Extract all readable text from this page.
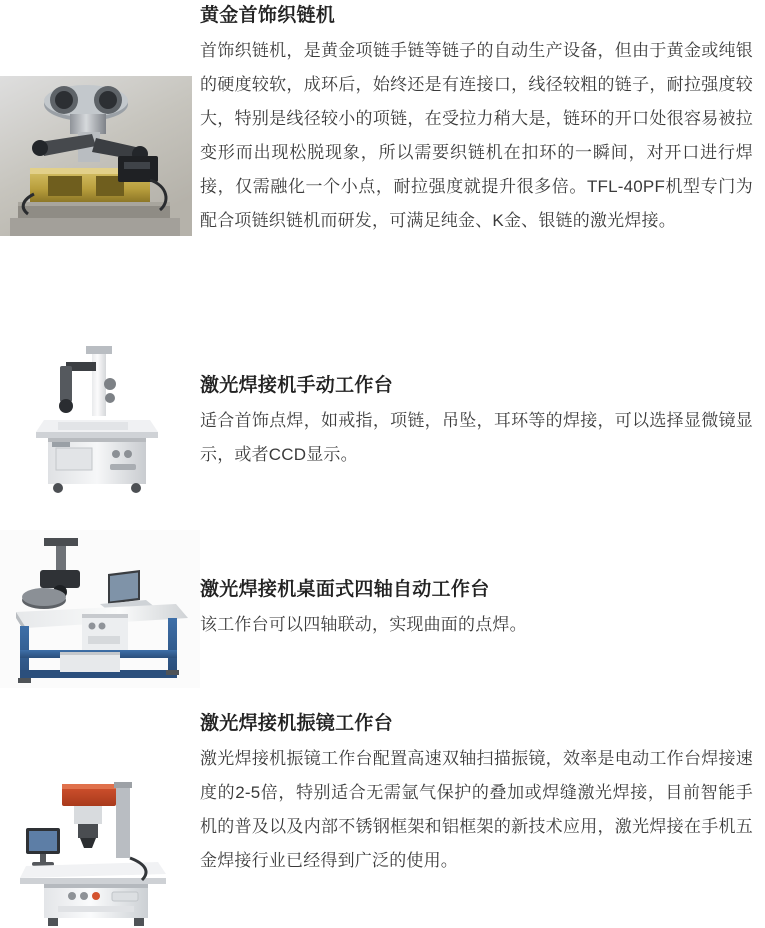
黄金首饰织链机

首饰织链机，是黄金项链手链等链子的自动生产设备，但由于黄金或纯银的硬度较软，成环后，始终还是有连接口，线径较粗的链子，耐拉强度较大，特别是线径较小的项链，在受拉力稍大是，链环的开口处很容易被拉变形而出现松脱现象，所以需要织链机在扣环的一瞬间，对开口进行焊接，仅需融化一个小点，耐拉强度就提升很多倍。TFL-40PF机型专门为配合项链织链机而研发，可满足纯金、K金、银链的激光焊接。

激光焊接机手动工作台

适合首饰点焊，如戒指，项链，吊坠，耳环等的焊接，可以选择显微镜显示，或者CCD显示。

激光焊接机桌面式四轴自动工作台

该工作台可以四轴联动，实现曲面的点焊。

激光焊接机振镜工作台

激光焊接机振镜工作台配置高速双轴扫描振镜，效率是电动工作台焊接速度的2-5倍，特别适合无需氩气保护的叠加或焊缝激光焊接，目前智能手机的普及以及内部不锈钢框架和铝框架的新技术应用，激光焊接在手机五金焊接行业已经得到广泛的使用。
